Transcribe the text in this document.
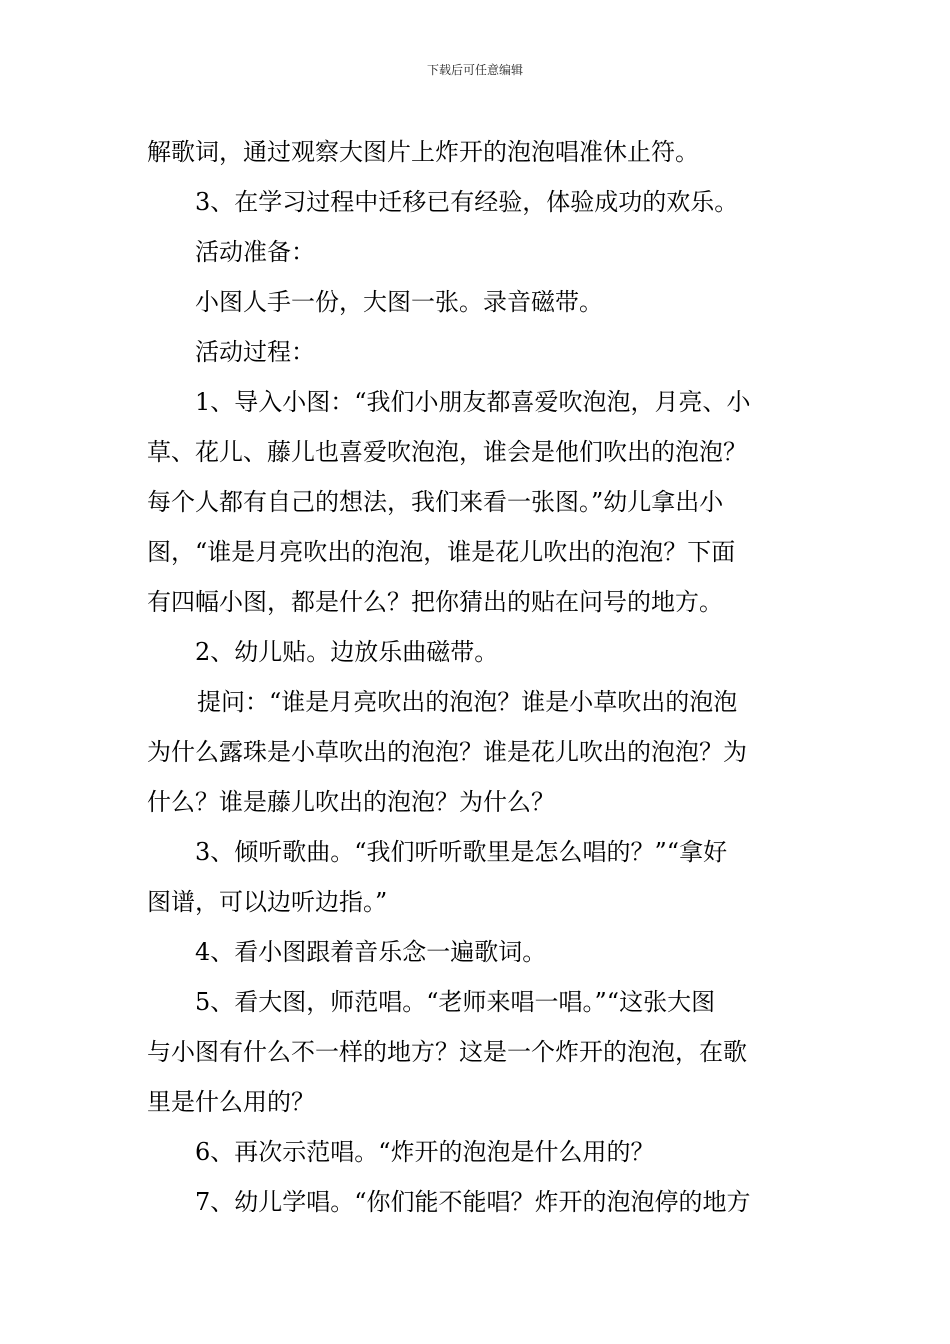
下载后可任意编辑
解歌词，通过观察大图片上炸开的泡泡唱准休止符。
3、在学习过程中迁移已有经验，体验成功的欢乐。
活动准备：
小图人手一份，大图一张。录音磁带。
活动过程：
1、导入小图：“我们小朋友都喜爱吹泡泡，月亮、小
草、花儿、藤儿也喜爱吹泡泡，谁会是他们吹出的泡泡？
每个人都有自己的想法，我们来看一张图。”幼儿拿出小
图，“谁是月亮吹出的泡泡，谁是花儿吹出的泡泡？下面
有四幅小图，都是什么？把你猜出的贴在问号的地方。
2、幼儿贴。边放乐曲磁带。
提问：“谁是月亮吹出的泡泡？谁是小草吹出的泡泡
为什么露珠是小草吹出的泡泡？谁是花儿吹出的泡泡？为
什么？谁是藤儿吹出的泡泡？为什么？
3、倾听歌曲。“我们听听歌里是怎么唱的？”“拿好
图谱，可以边听边指。”
4、看小图跟着音乐念一遍歌词。
5、看大图，师范唱。“老师来唱一唱。”“这张大图
与小图有什么不一样的地方？这是一个炸开的泡泡，在歌
里是什么用的？
6、再次示范唱。“炸开的泡泡是什么用的？
7、幼儿学唱。“你们能不能唱？炸开的泡泡停的地方
